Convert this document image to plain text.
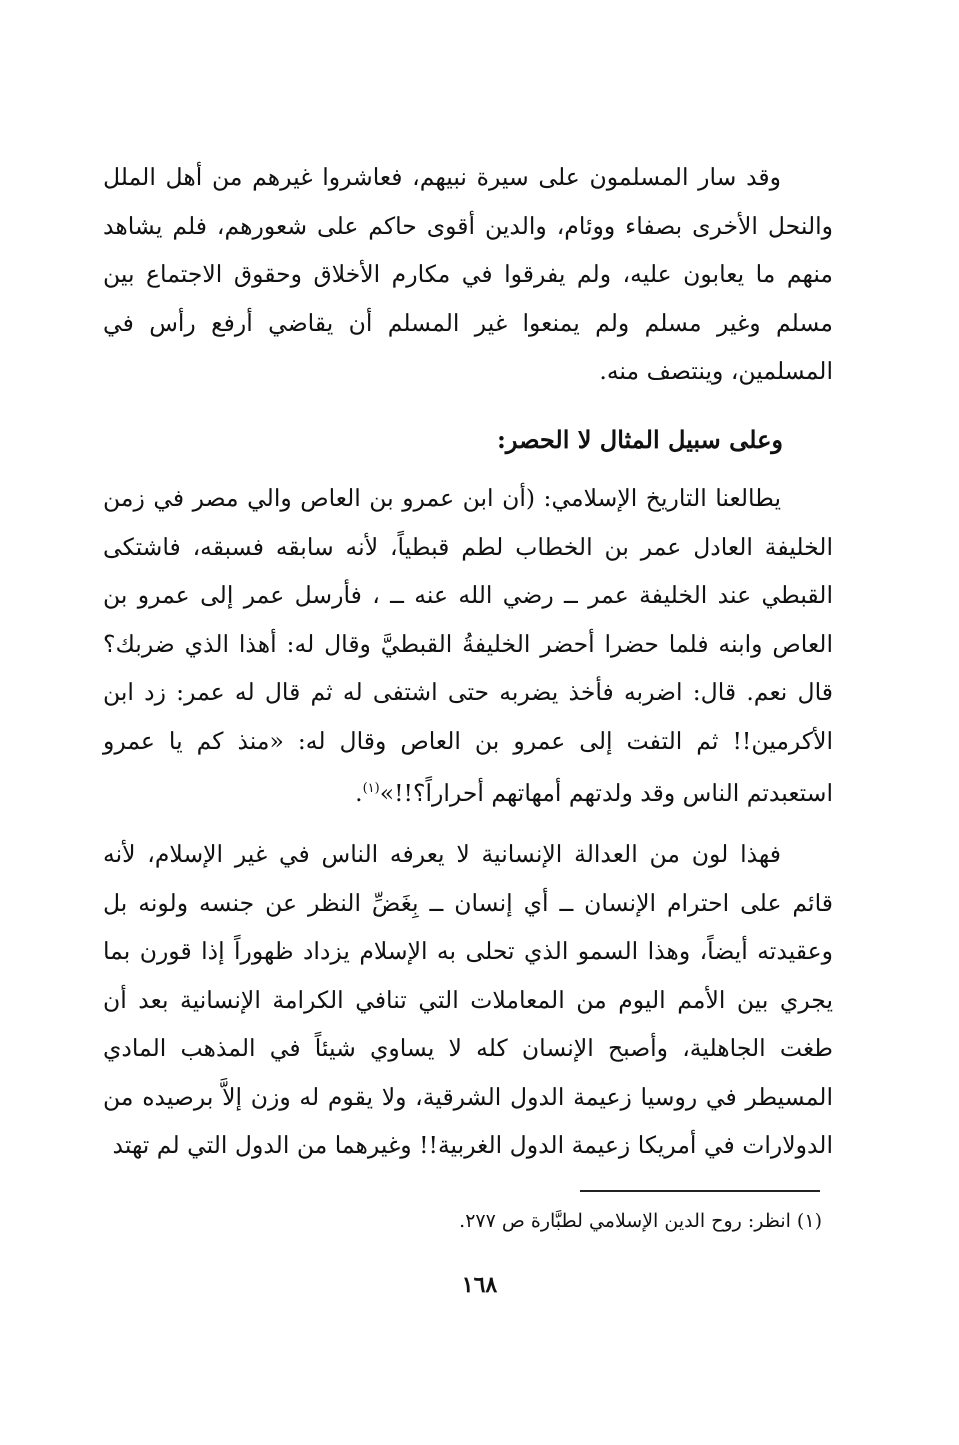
وقد سار المسلمون على سيرة نبيهم، فعاشروا غيرهم من أهل الملل والنحل الأخرى بصفاء ووئام، والدين أقوى حاكم على شعورهم، فلم يشاهد منهم ما يعابون عليه، ولم يفرقوا في مكارم الأخلاق وحقوق الاجتماع بين مسلم وغير مسلم ولم يمنعوا غير المسلم أن يقاضي أرفع رأس في المسلمين، وينتصف منه.

وعلى سبيل المثال لا الحصر:

يطالعنا التاريخ الإسلامي: (أن ابن عمرو بن العاص والي مصر في زمن الخليفة العادل عمر بن الخطاب لطم قبطياً، لأنه سابقه فسبقه، فاشتكى القبطي عند الخليفة عمر ــ رضي الله عنه ــ ، فأرسل عمر إلى عمرو بن العاص وابنه فلما حضرا أحضر الخليفةُ القبطيَّ وقال له: أهذا الذي ضربك؟ قال نعم. قال: اضربه فأخذ يضربه حتى اشتفى له ثم قال له عمر: زد ابن الأكرمين!! ثم التفت إلى عمرو بن العاص وقال له: «منذ كم يا عمرو استعبدتم الناس وقد ولدتهم أمهاتهم أحراراً؟!!»$^{(١)}$.

فهذا لون من العدالة الإنسانية لا يعرفه الناس في غير الإسلام، لأنه قائم على احترام الإنسان ــ أي إنسان ــ بِغَضِّ النظر عن جنسه ولونه بل وعقيدته أيضاً، وهذا السمو الذي تحلى به الإسلام يزداد ظهوراً إذا قورن بما يجري بين الأمم اليوم من المعاملات التي تنافي الكرامة الإنسانية بعد أن طغت الجاهلية، وأصبح الإنسان كله لا يساوي شيئاً في المذهب المادي المسيطر في روسيا زعيمة الدول الشرقية، ولا يقوم له وزن إلاَّ برصيده من الدولارات في أمريكا زعيمة الدول الغربية!! وغيرهما من الدول التي لم تهتد

(١) انظر: روح الدين الإسلامي لطبَّارة ص ٢٧٧.
١٦٨
